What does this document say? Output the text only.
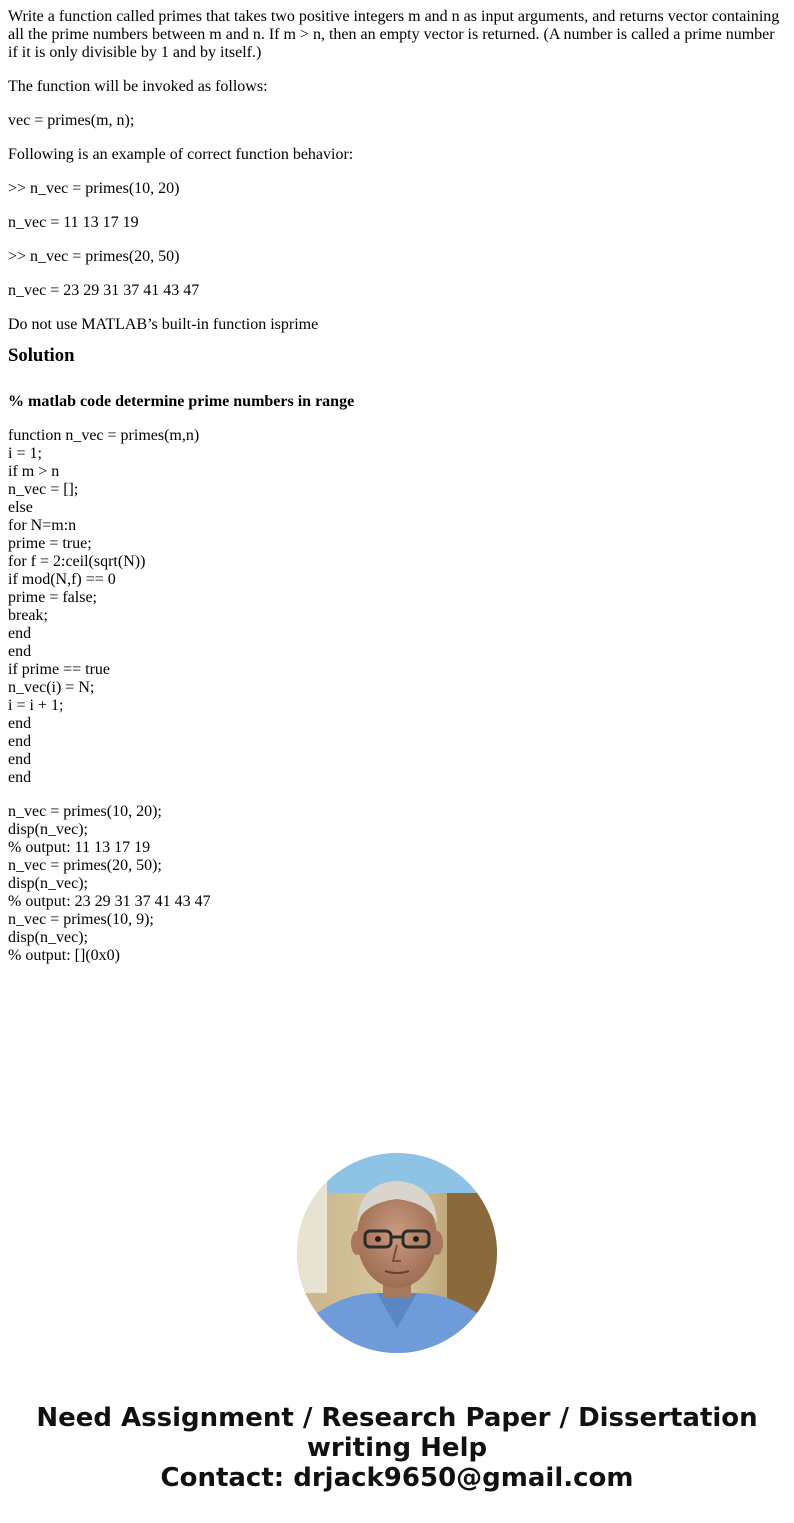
Write a function called primes that takes two positive integers m and n as input arguments, and returns vector containing all the prime numbers between m and n. If m > n, then an empty vector is returned. (A number is called a prime number if it is only divisible by 1 and by itself.)

The function will be invoked as follows:

vec = primes(m, n);

Following is an example of correct function behavior:

>> n_vec = primes(10, 20)

n_vec = 11 13 17 19

>> n_vec = primes(20, 50)

n_vec = 23 29 31 37 41 43 47

Do not use MATLAB’s built-in function isprime

Solution
% matlab code determine prime numbers in range
function n_vec = primes(m,n)
i = 1;
if m > n
n_vec = [];
else
for N=m:n
prime = true;
for f = 2:ceil(sqrt(N))
if mod(N,f) == 0
prime = false;
break;
end
end
if prime == true
n_vec(i) = N;
i = i + 1;
end
end
end
end
n_vec = primes(10, 20);
disp(n_vec);
% output: 11 13 17 19
n_vec = primes(20, 50);
disp(n_vec);
% output: 23 29 31 37 41 43 47
n_vec = primes(10, 9);
disp(n_vec);
% output: [](0x0)
Need Assignment / Research Paper / Dissertation
writing Help
Contact: drjack9650@gmail.com
